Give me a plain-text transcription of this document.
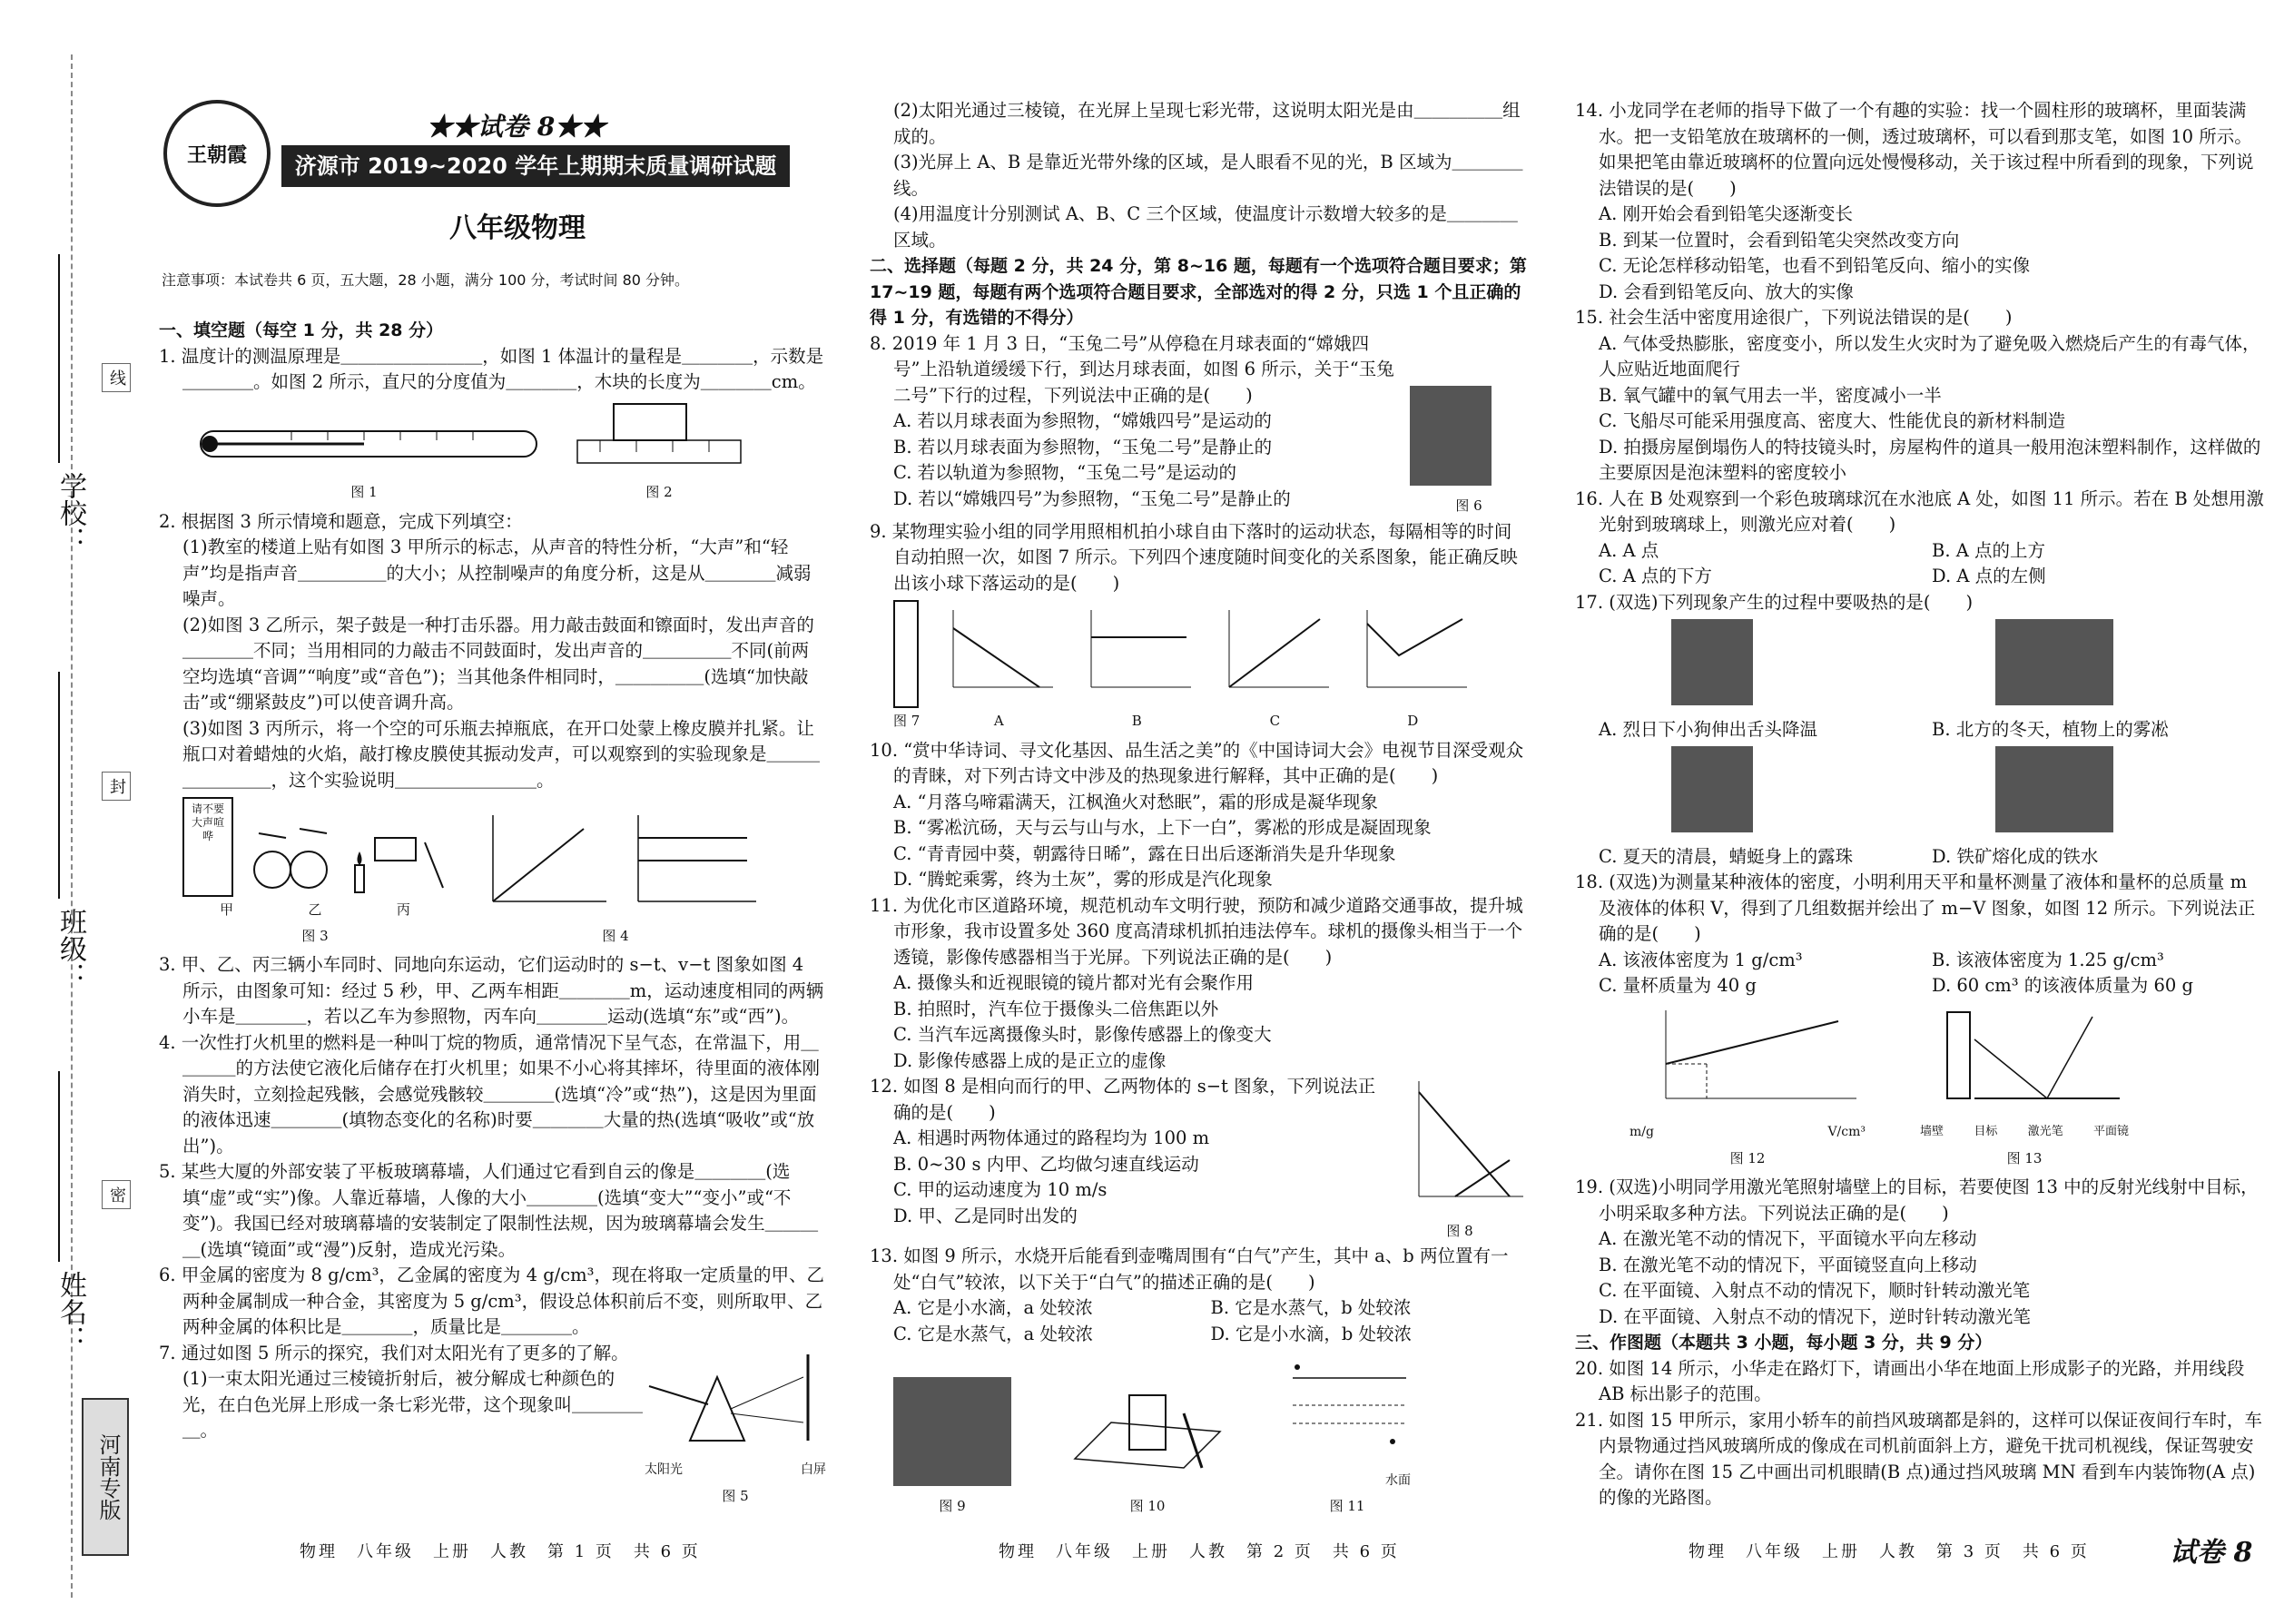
学校：
班级：
姓名：
线
封
密
河南专版
王朝霞
★★试卷 8★★
济源市 2019~2020 学年上期期末质量调研试题
八年级物理
注意事项：本试卷共 6 页，五大题，28 小题，满分 100 分，考试时间 80 分钟。

一、填空题（每空 1 分，共 28 分）

1. 温度计的测温原理是＿＿＿＿＿＿＿＿，如图 1 体温计的量程是＿＿＿＿，示数是＿＿＿＿。如图 2 所示，直尺的分度值为＿＿＿＿，木块的长度为＿＿＿＿cm。

图 1	图 2

2. 根据图 3 所示情境和题意，完成下列填空：

(1)教室的楼道上贴有如图 3 甲所示的标志，从声音的特性分析，“大声”和“轻声”均是指声音＿＿＿＿＿的大小；从控制噪声的角度分析，这是从＿＿＿＿减弱噪声。

(2)如图 3 乙所示，架子鼓是一种打击乐器。用力敲击鼓面和镲面时，发出声音的＿＿＿＿不同；当用相同的力敲击不同鼓面时，发出声音的＿＿＿＿＿不同(前两空均选填“音调”“响度”或“音色”)；当其他条件相同时，＿＿＿＿＿(选填“加快敲击”或“绷紧鼓皮”)可以使音调升高。

(3)如图 3 丙所示，将一个空的可乐瓶去掉瓶底，在开口处蒙上橡皮膜并扎紧。让瓶口对着蜡烛的火焰，敲打橡皮膜使其振动发声，可以观察到的实验现象是＿＿＿＿＿＿＿＿，这个实验说明＿＿＿＿＿＿＿＿。

请不要大声喧哗
甲	乙	丙
图 3	图 4

3. 甲、乙、丙三辆小车同时、同地向东运动，它们运动时的 s−t、v−t 图象如图 4 所示，由图象可知：经过 5 秒，甲、乙两车相距＿＿＿＿m，运动速度相同的两辆小车是＿＿＿＿，若以乙车为参照物，丙车向＿＿＿＿运动(选填“东”或“西”)。

4. 一次性打火机里的燃料是一种叫丁烷的物质，通常情况下呈气态，在常温下，用＿＿＿＿的方法使它液化后储存在打火机里；如果不小心将其摔坏，待里面的液体刚消失时，立刻捡起残骸，会感觉残骸较＿＿＿＿(选填“冷”或“热”)，这是因为里面的液体迅速＿＿＿＿(填物态变化的名称)时要＿＿＿＿大量的热(选填“吸收”或“放出”)。

5. 某些大厦的外部安装了平板玻璃幕墙，人们通过它看到自云的像是＿＿＿＿(选填“虚”或“实”)像。人靠近幕墙，人像的大小＿＿＿＿(选填“变大”“变小”或“不变”)。我国已经对玻璃幕墙的安装制定了限制性法规，因为玻璃幕墙会发生＿＿＿＿(选填“镜面”或“漫”)反射，造成光污染。

6. 甲金属的密度为 8 g/cm³，乙金属的密度为 4 g/cm³，现在将取一定质量的甲、乙两种金属制成一种合金，其密度为 5 g/cm³，假设总体积前后不变，则所取甲、乙两种金属的体积比是＿＿＿＿，质量比是＿＿＿＿。

7. 通过如图 5 所示的探究，我们对太阳光有了更多的了解。

(1)一束太阳光通过三棱镜折射后，被分解成七种颜色的光，在白色光屏上形成一条七彩光带，这个现象叫＿＿＿＿＿。

太阳光	白屏
图 5

(2)太阳光通过三棱镜，在光屏上呈现七彩光带，这说明太阳光是由＿＿＿＿＿组成的。

(3)光屏上 A、B 是靠近光带外缘的区域，是人眼看不见的光，B 区域为＿＿＿＿线。

(4)用温度计分别测试 A、B、C 三个区域，使温度计示数增大较多的是＿＿＿＿区域。

二、选择题（每题 2 分，共 24 分，第 8~16 题，每题有一个选项符合题目要求；第 17~19 题，每题有两个选项符合题目要求，全部选对的得 2 分，只选 1 个且正确的得 1 分，有选错的不得分）

8. 2019 年 1 月 3 日，“玉兔二号”从停稳在月球表面的“嫦娥四号”上沿轨道缓缓下行，到达月球表面，如图 6 所示，关于“玉兔二号”下行的过程，下列说法中正确的是(　　)

A. 若以月球表面为参照物，“嫦娥四号”是运动的

B. 若以月球表面为参照物，“玉兔二号”是静止的

C. 若以轨道为参照物，“玉兔二号”是运动的

D. 若以“嫦娥四号”为参照物，“玉兔二号”是静止的	图 6

9. 某物理实验小组的同学用照相机拍小球自由下落时的运动状态，每隔相等的时间自动拍照一次，如图 7 所示。下列四个速度随时间变化的关系图象，能正确反映出该小球下落运动的是(　　)

图 7	A	B	C	D

10. “赏中华诗词、寻文化基因、品生活之美”的《中国诗词大会》电视节目深受观众的青睐，对下列古诗文中涉及的热现象进行解释，其中正确的是(　　)

A. “月落乌啼霜满天，江枫渔火对愁眠”，霜的形成是凝华现象

B. “雾凇沆砀，天与云与山与水，上下一白”，雾凇的形成是凝固现象

C. “青青园中葵，朝露待日晞”，露在日出后逐渐消失是升华现象

D. “腾蛇乘雾，终为土灰”，雾的形成是汽化现象

11. 为优化市区道路环境，规范机动车文明行驶，预防和减少道路交通事故，提升城市形象，我市设置多处 360 度高清球机抓拍违法停车。球机的摄像头相当于一个透镜，影像传感器相当于光屏。下列说法正确的是(　　)

A. 摄像头和近视眼镜的镜片都对光有会聚作用

B. 拍照时，汽车位于摄像头二倍焦距以外

C. 当汽车远离摄像头时，影像传感器上的像变大

D. 影像传感器上成的是正立的虚像

12. 如图 8 是相向而行的甲、乙两物体的 s−t 图象，下列说法正确的是(　　)

A. 相遇时两物体通过的路程均为 100 m

B. 0~30 s 内甲、乙均做匀速直线运动

C. 甲的运动速度为 10 m/s

D. 甲、乙是同时出发的

图 8

13. 如图 9 所示，水烧开后能看到壶嘴周围有“白气”产生，其中 a、b 两位置有一处“白气”较浓，以下关于“白气”的描述正确的是(　　)

A. 它是小水滴，a 处较浓	B. 它是水蒸气，b 处较浓
C. 它是水蒸气，a 处较浓	D. 它是小水滴，b 处较浓
图 9	图 10
水面
图 11

14. 小龙同学在老师的指导下做了一个有趣的实验：找一个圆柱形的玻璃杯，里面装满水。把一支铅笔放在玻璃杯的一侧，透过玻璃杯，可以看到那支笔，如图 10 所示。如果把笔由靠近玻璃杯的位置向远处慢慢移动，关于该过程中所看到的现象，下列说法错误的是(　　)

A. 刚开始会看到铅笔尖逐渐变长

B. 到某一位置时，会看到铅笔尖突然改变方向

C. 无论怎样移动铅笔，也看不到铅笔反向、缩小的实像

D. 会看到铅笔反向、放大的实像

15. 社会生活中密度用途很广，下列说法错误的是(　　)

A. 气体受热膨胀，密度变小，所以发生火灾时为了避免吸入燃烧后产生的有毒气体，人应贴近地面爬行

B. 氧气罐中的氧气用去一半，密度减小一半

C. 飞船尽可能采用强度高、密度大、性能优良的新材料制造

D. 拍摄房屋倒塌伤人的特技镜头时，房屋构件的道具一般用泡沫塑料制作，这样做的主要原因是泡沫塑料的密度较小

16. 人在 B 处观察到一个彩色玻璃球沉在水池底 A 处，如图 11 所示。若在 B 处想用激光射到玻璃球上，则激光应对着(　　)

A. A 点	B. A 点的上方
C. A 点的下方	D. A 点的左侧

17. (双选)下列现象产生的过程中要吸热的是(　　)

A. 烈日下小狗伸出舌头降温	B. 北方的冬天，植物上的雾凇
C. 夏天的清晨，蜻蜓身上的露珠	D. 铁矿熔化成的铁水

18. (双选)为测量某种液体的密度，小明利用天平和量杯测量了液体和量杯的总质量 m 及液体的体积 V，得到了几组数据并绘出了 m−V 图象，如图 12 所示。下列说法正确的是(　　)

A. 该液体密度为 1 g/cm³	B. 该液体密度为 1.25 g/cm³
C. 量杯质量为 40 g	D. 60 cm³ 的该液体质量为 60 g
m/g	V/cm³
图 12
墙壁	目标	激光笔	平面镜
图 13

19. (双选)小明同学用激光笔照射墙壁上的目标，若要使图 13 中的反射光线射中目标，小明采取多种方法。下列说法正确的是(　　)

A. 在激光笔不动的情况下，平面镜水平向左移动

B. 在激光笔不动的情况下，平面镜竖直向上移动

C. 在平面镜、入射点不动的情况下，顺时针转动激光笔

D. 在平面镜、入射点不动的情况下，逆时针转动激光笔

三、作图题（本题共 3 小题，每小题 3 分，共 9 分）

20. 如图 14 所示，小华走在路灯下，请画出小华在地面上形成影子的光路，并用线段 AB 标出影子的范围。

21. 如图 15 甲所示，家用小轿车的前挡风玻璃都是斜的，这样可以保证夜间行车时，车内景物通过挡风玻璃所成的像成在司机前面斜上方，避免干扰司机视线，保证驾驶安全。请你在图 15 乙中画出司机眼睛(B 点)通过挡风玻璃 MN 看到车内装饰物(A 点)的像的光路图。

物理　八年级　上册　人教　第 1 页　共 6 页	物理　八年级　上册　人教　第 2 页　共 6 页	物理　八年级　上册　人教　第 3 页　共 6 页	试卷 8
